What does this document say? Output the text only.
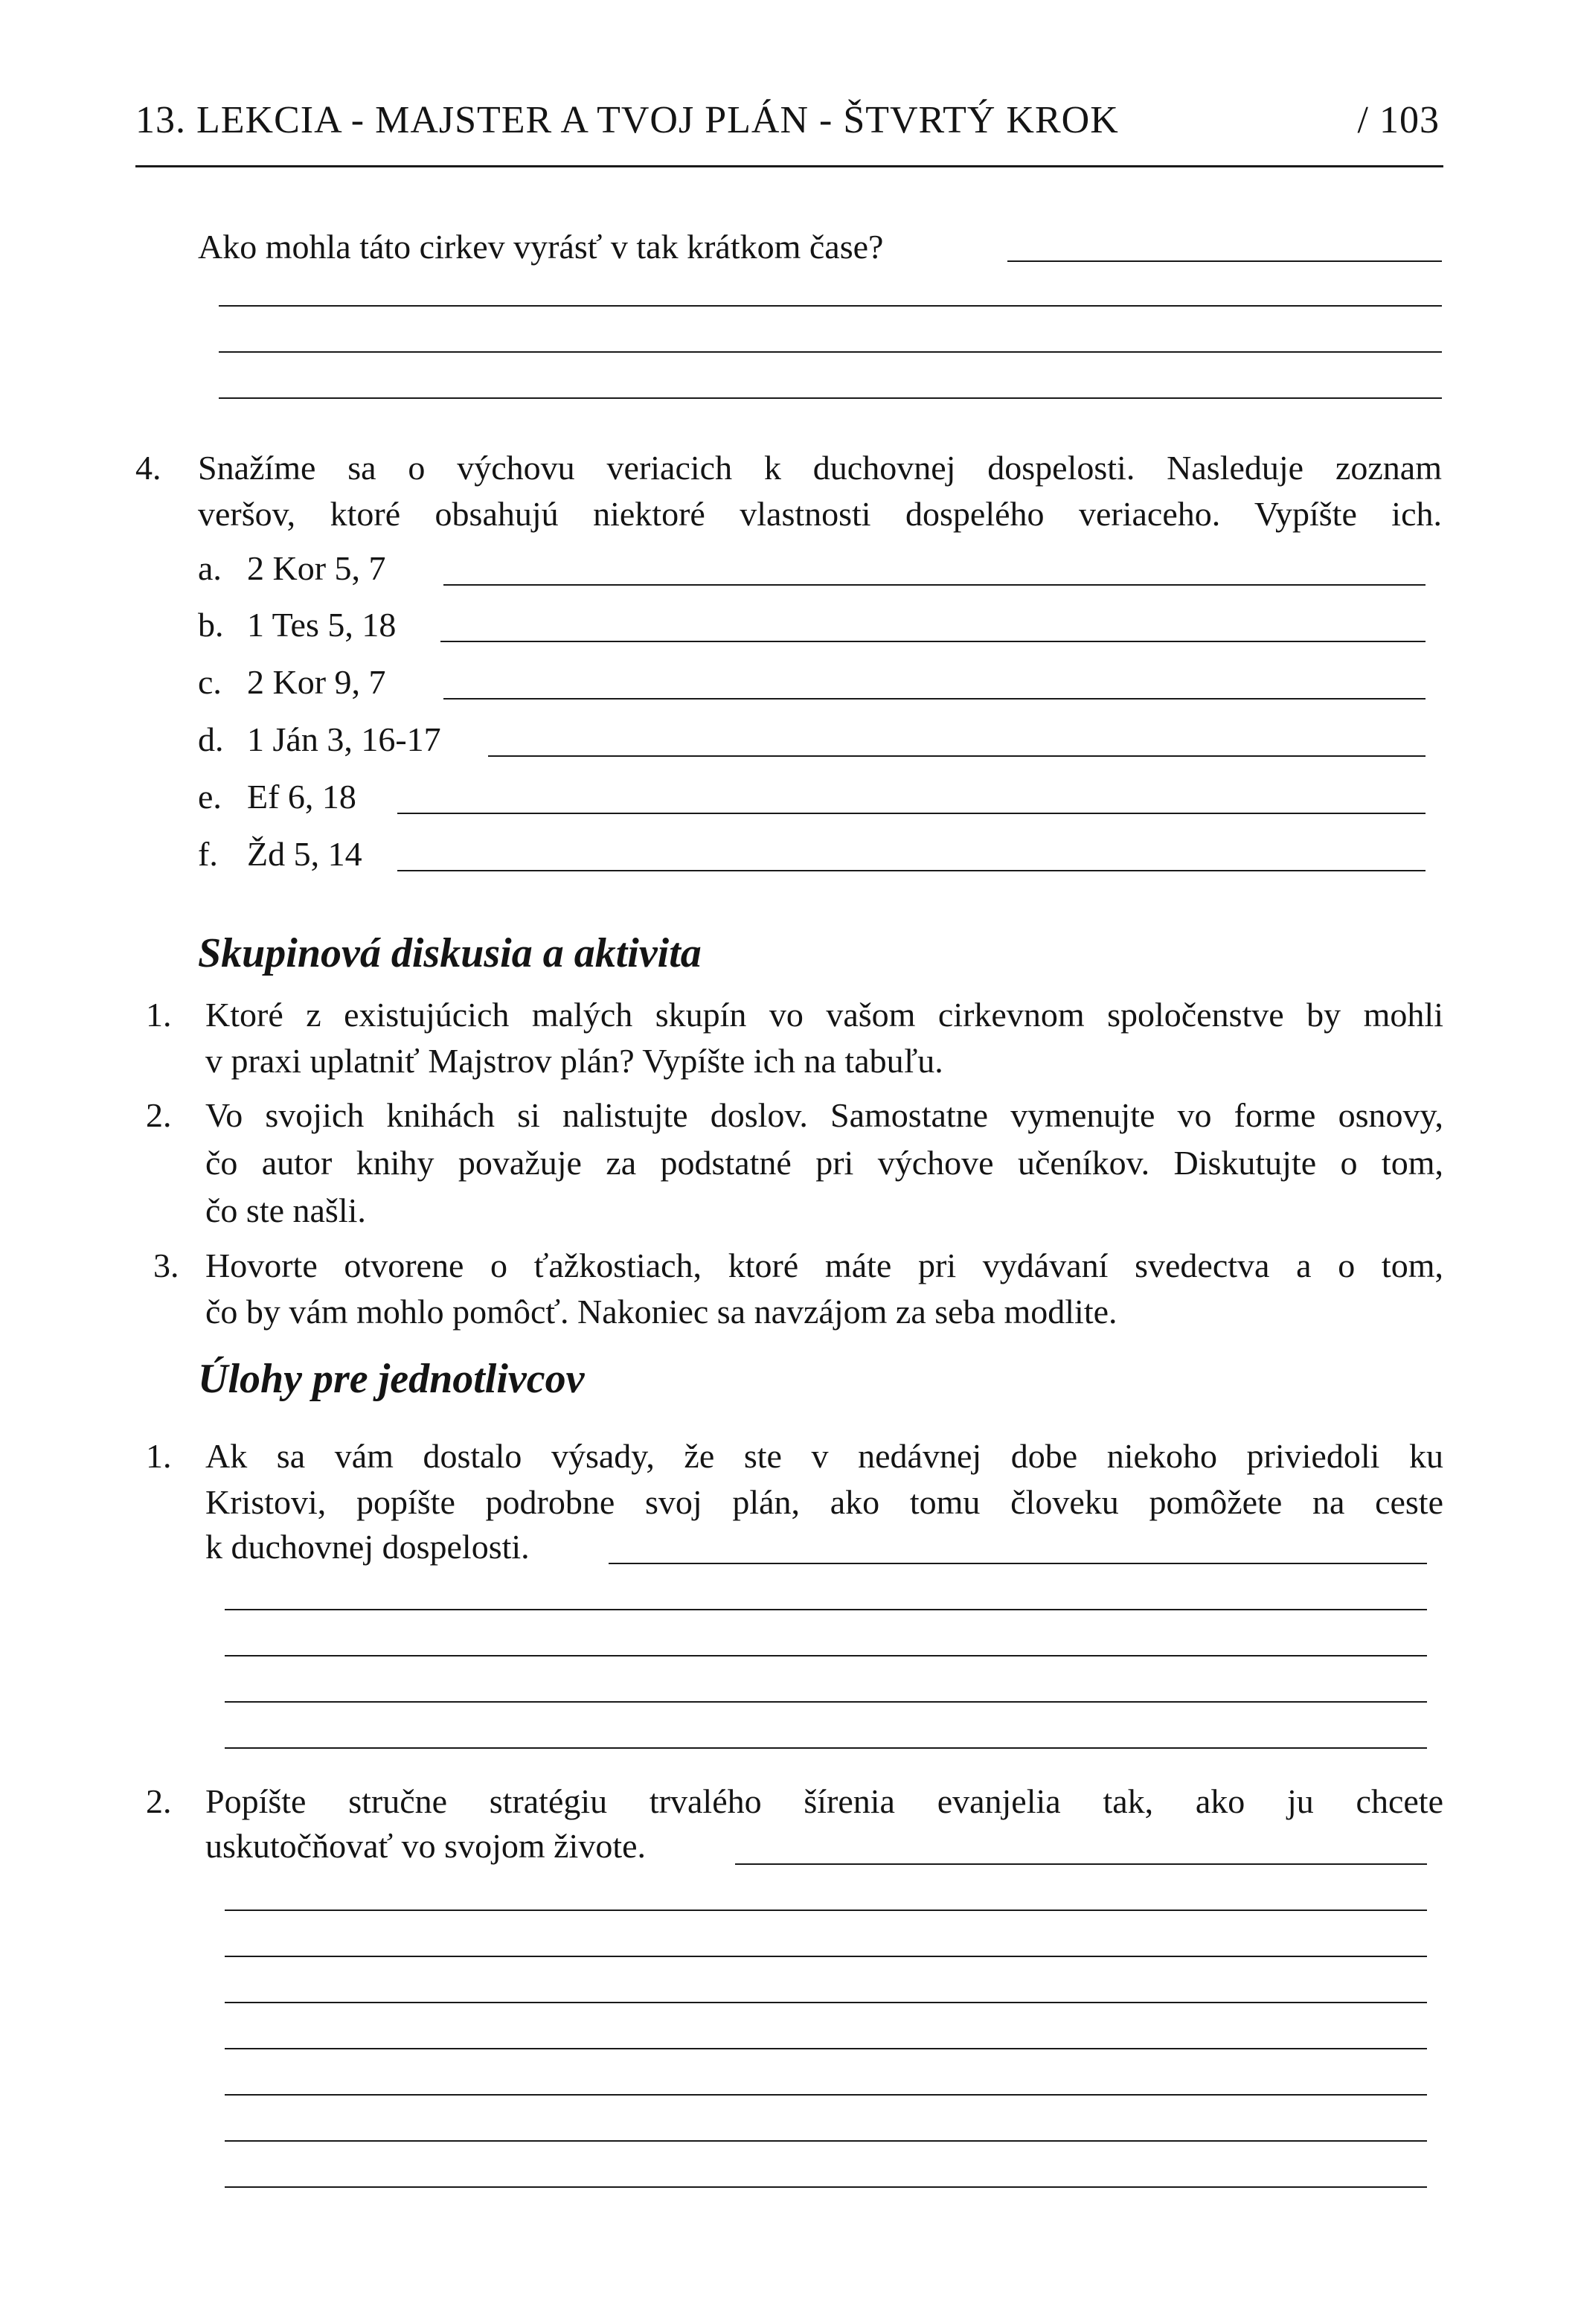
13. LEKCIA - MAJSTER A TVOJ PLÁN - ŠTVRTÝ KROK	/ 103
Ako mohla táto cirkev vyrásť v tak krátkom čase?
4. Snažíme sa o výchovu veriacich k duchovnej dospelosti. Nasleduje zoznam
veršov, ktoré obsahujú niektoré vlastnosti dospelého veriaceho. Vypíšte ich.
a. 2 Kor 5, 7
b. 1 Tes 5, 18
c. 2 Kor 9, 7
d. 1 Ján 3, 16-17
e. Ef 6, 18
f. Žd 5, 14
Skupinová diskusia a aktivita
1. Ktoré z existujúcich malých skupín vo vašom cirkevnom spoločenstve by mohli
v praxi uplatniť Majstrov plán? Vypíšte ich na tabuľu.
2. Vo svojich knihách si nalistujte doslov. Samostatne vymenujte vo forme osnovy,
čo autor knihy považuje za podstatné pri výchove učeníkov. Diskutujte o tom,
čo ste našli.
3. Hovorte otvorene o ťažkostiach, ktoré máte pri vydávaní svedectva a o tom,
čo by vám mohlo pomôcť. Nakoniec sa navzájom za seba modlite.
Úlohy pre jednotlivcov
1. Ak sa vám dostalo výsady, že ste v nedávnej dobe niekoho priviedoli ku
Kristovi, popíšte podrobne svoj plán, ako tomu človeku pomôžete na ceste
k duchovnej dospelosti.
2. Popíšte stručne stratégiu trvalého šírenia evanjelia tak, ako ju chcete
uskutočňovať vo svojom živote.
